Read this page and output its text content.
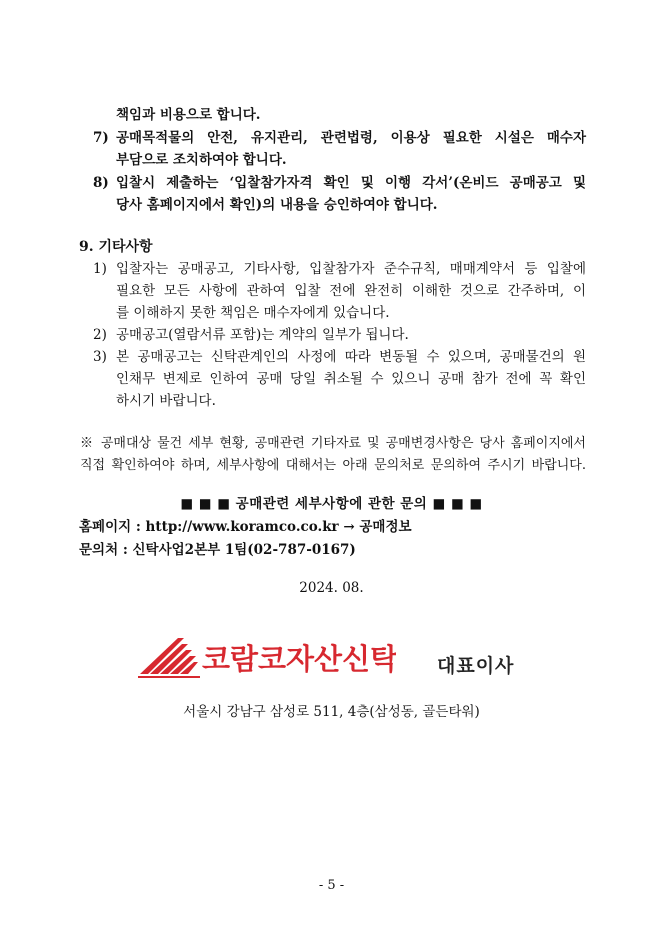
책임과 비용으로 합니다.
7) 공매목적물의 안전, 유지관리, 관련법령, 이용상 필요한 시설은 매수자
부담으로 조치하여야 합니다.
8) 입찰시 제출하는 ‘입찰참가자격 확인 및 이행 각서’(온비드 공매공고 및
당사 홈페이지에서 확인)의 내용을 승인하여야 합니다.
9. 기타사항
1) 입찰자는 공매공고, 기타사항, 입찰참가자 준수규칙, 매매계약서 등 입찰에
필요한 모든 사항에 관하여 입찰 전에 완전히 이해한 것으로 간주하며, 이
를 이해하지 못한 책임은 매수자에게 있습니다.
2) 공매공고(열람서류 포함)는 계약의 일부가 됩니다.
3) 본 공매공고는 신탁관계인의 사정에 따라 변동될 수 있으며, 공매물건의 원
인채무 변제로 인하여 공매 당일 취소될 수 있으니 공매 참가 전에 꼭 확인
하시기 바랍니다.
※ 공매대상 물건 세부 현황, 공매관련 기타자료 및 공매변경사항은 당사 홈페이지에서
직접 확인하여야 하며, 세부사항에 대해서는 아래 문의처로 문의하여 주시기 바랍니다.
■ ■ ■ 공매관련 세부사항에 관한 문의 ■ ■ ■
홈페이지 : http://www.koramco.co.kr → 공매정보
문의처 : 신탁사업2본부 1팀(02-787-0167)
2024. 08.
코람코자산신탁 대표이사
서울시 강남구 삼성로 511, 4층(삼성동, 골든타워)
- 5 -
